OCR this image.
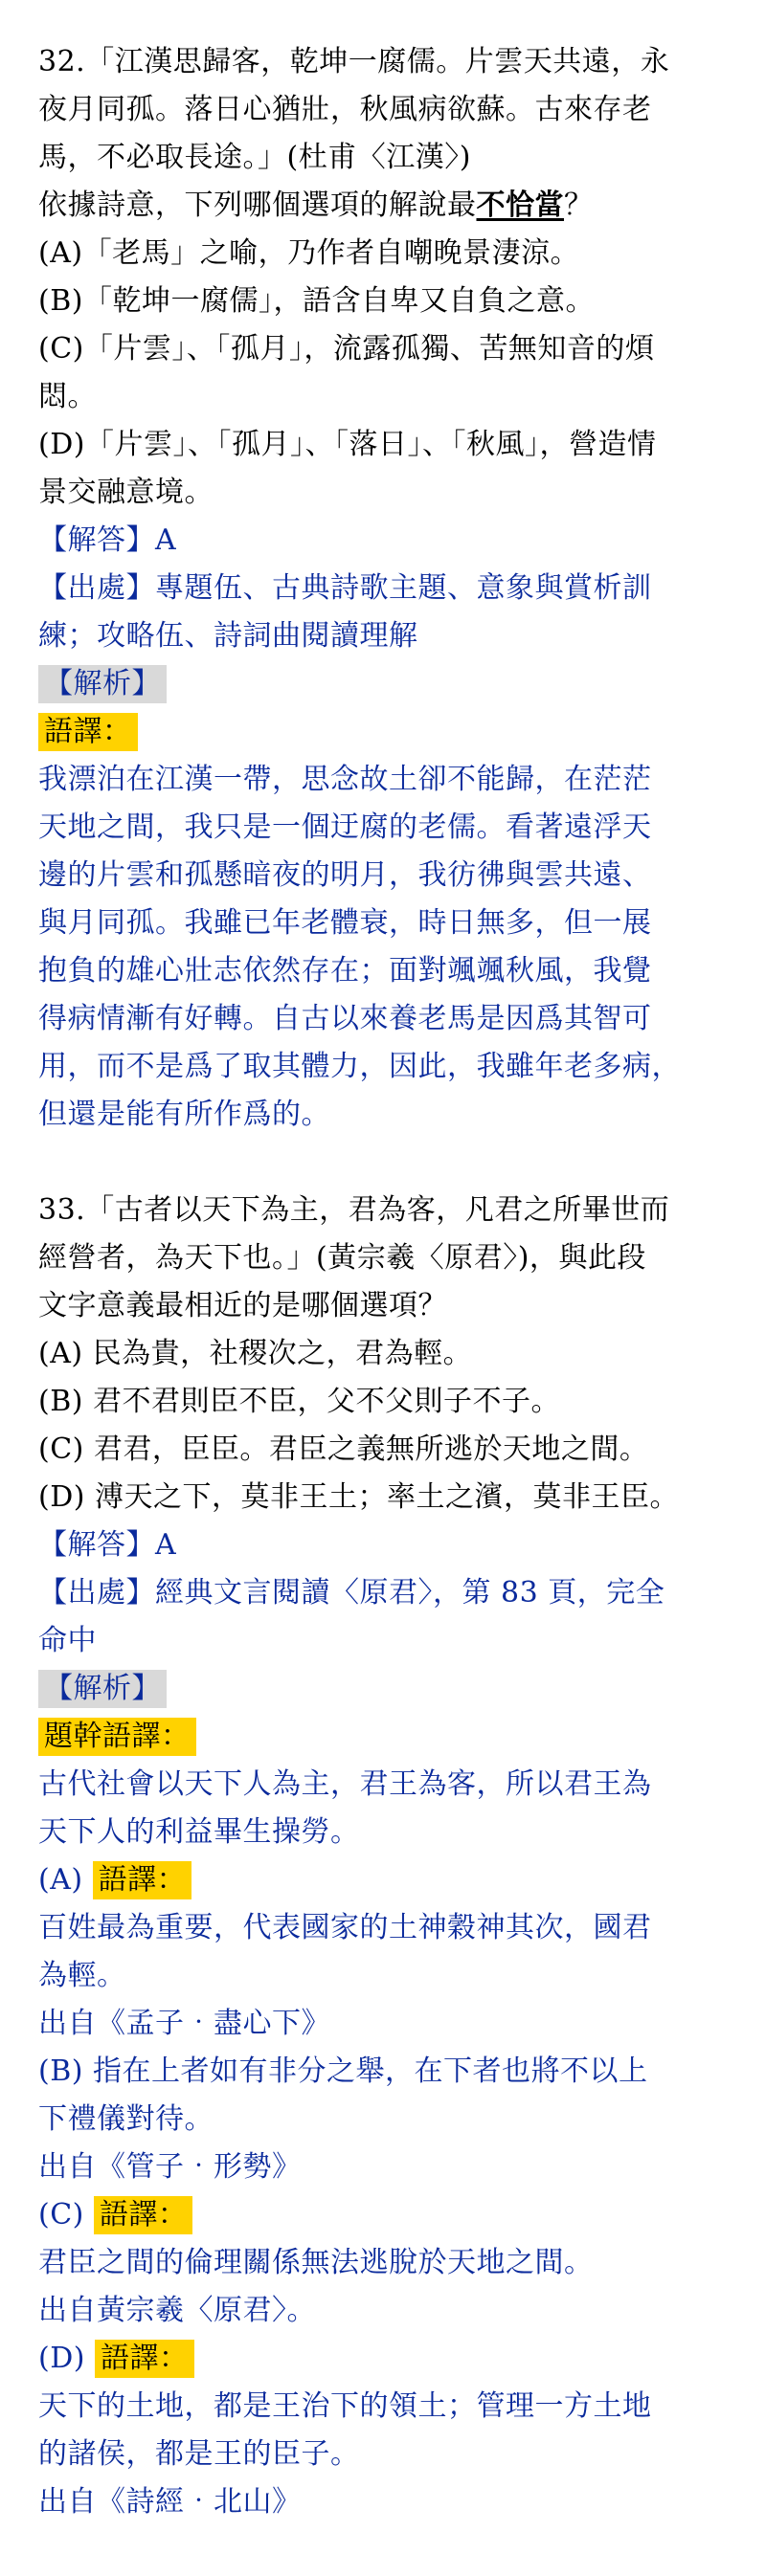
32.「江漢思歸客，乾坤一腐儒。片雲天共遠，永
夜月同孤。落日心猶壯，秋風病欲蘇。古來存老
馬，不必取長途。」(杜甫〈江漢〉)
依據詩意，下列哪個選項的解說最不恰當？
(A)「老馬」之喻，乃作者自嘲晚景淒涼。
(B)「乾坤一腐儒」，語含自卑又自負之意。
(C)「片雲」、「孤月」，流露孤獨、苦無知音的煩
悶。
(D)「片雲」、「孤月」、「落日」、「秋風」，營造情
景交融意境。
【解答】A
【出處】專題伍、古典詩歌主題、意象與賞析訓
練；攻略伍、詩詞曲閱讀理解
【解析】
語譯：
我漂泊在江漢一帶，思念故土卻不能歸，在茫茫
天地之間，我只是一個迂腐的老儒。看著遠浮天
邊的片雲和孤懸暗夜的明月，我彷彿與雲共遠、
與月同孤。我雖已年老體衰，時日無多，但一展
抱負的雄心壯志依然存在；面對颯颯秋風，我覺
得病情漸有好轉。自古以來養老馬是因爲其智可
用，而不是爲了取其體力，因此，我雖年老多病，
但還是能有所作爲的。
33.「古者以天下為主，君為客，凡君之所畢世而
經營者，為天下也。」(黃宗羲〈原君〉)，與此段
文字意義最相近的是哪個選項？
(A) 民為貴，社稷次之，君為輕。
(B) 君不君則臣不臣，父不父則子不子。
(C) 君君，臣臣。君臣之義無所逃於天地之間。
(D) 溥天之下，莫非王土；率土之濱，莫非王臣。
【解答】A
【出處】經典文言閱讀〈原君〉，第 83 頁，完全
命中
【解析】
題幹語譯：
古代社會以天下人為主，君王為客，所以君王為
天下人的利益畢生操勞。
(A)
語譯：
百姓最為重要，代表國家的土神穀神其次，國君
為輕。
出自《孟子‧盡心下》
(B) 指在上者如有非分之舉，在下者也將不以上
下禮儀對待。
出自《管子‧形勢》
(C)
語譯：
君臣之間的倫理關係無法逃脫於天地之間。
出自黃宗羲〈原君〉。
(D)
語譯：
天下的土地，都是王治下的領土；管理一方土地
的諸侯，都是王的臣子。
出自《詩經‧北山》
